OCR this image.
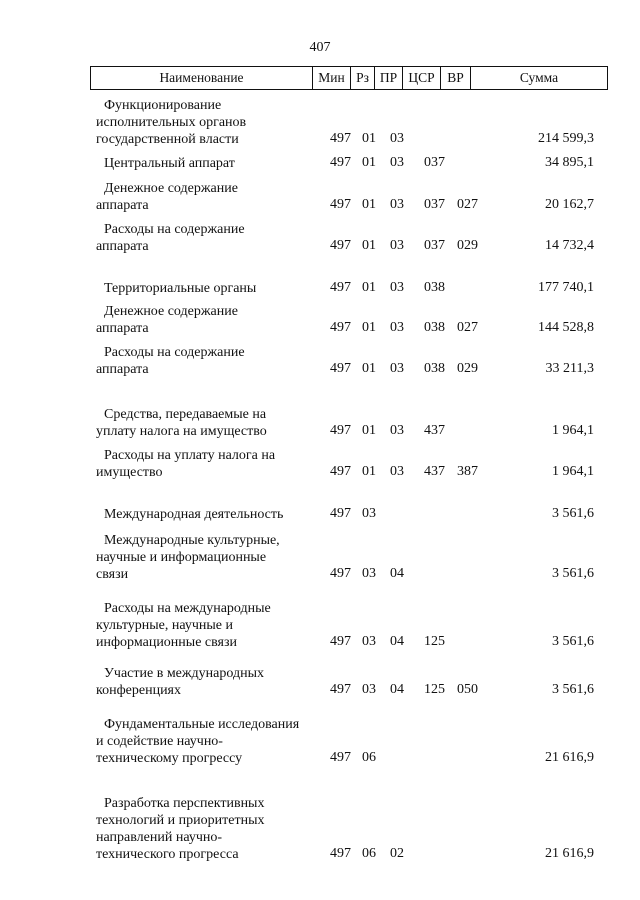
407
Наименование	Мин Рз ПР ЦСР ВР	Сумма
Функционирование
исполнительных органов
государственной власти	497 01 03	214 599,3
Центральный аппарат	497 01 03 037	34 895,1
Денежное содержание
аппарата	497 01 03 037 027	20 162,7
Расходы на содержание
аппарата	497 01 03 037 029	14 732,4
Территориальные органы	497 01 03 038	177 740,1
Денежное содержание
аппарата	497 01 03 038 027	144 528,8
Расходы на содержание
аппарата	497 01 03 038 029	33 211,3
Средства, передаваемые на
уплату налога на имущество	497 01 03 437	1 964,1
Расходы на уплату налога на
имущество	497 01 03 437 387	1 964,1
Международная деятельность	497 03	3 561,6
Международные культурные,
научные и информационные
связи	497 03 04	3 561,6
Расходы на международные
культурные, научные и
информационные связи	497 03 04 125	3 561,6
Участие в международных
конференциях	497 03 04 125 050	3 561,6
Фундаментальные исследования
и содействие научно-
техническому прогрессу	497 06	21 616,9
Разработка перспективных
технологий и приоритетных
направлений научно-
технического прогресса	497 06 02	21 616,9
